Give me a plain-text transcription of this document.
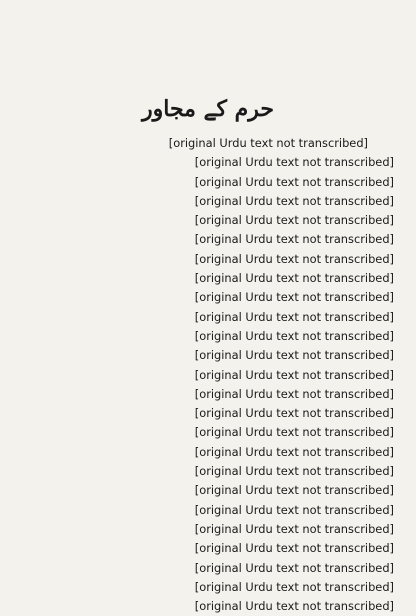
حرم کے مجاور
[original Urdu text not transcribed]
[original Urdu text not transcribed]
[original Urdu text not transcribed]
[original Urdu text not transcribed]
[original Urdu text not transcribed]
[original Urdu text not transcribed]
[original Urdu text not transcribed]
[original Urdu text not transcribed]
[original Urdu text not transcribed]
[original Urdu text not transcribed]
[original Urdu text not transcribed]
[original Urdu text not transcribed]
[original Urdu text not transcribed]
[original Urdu text not transcribed]
[original Urdu text not transcribed]
[original Urdu text not transcribed]
[original Urdu text not transcribed]
[original Urdu text not transcribed]
[original Urdu text not transcribed]
[original Urdu text not transcribed]
[original Urdu text not transcribed]
[original Urdu text not transcribed]
[original Urdu text not transcribed]
[original Urdu text not transcribed]
[original Urdu text not transcribed]
